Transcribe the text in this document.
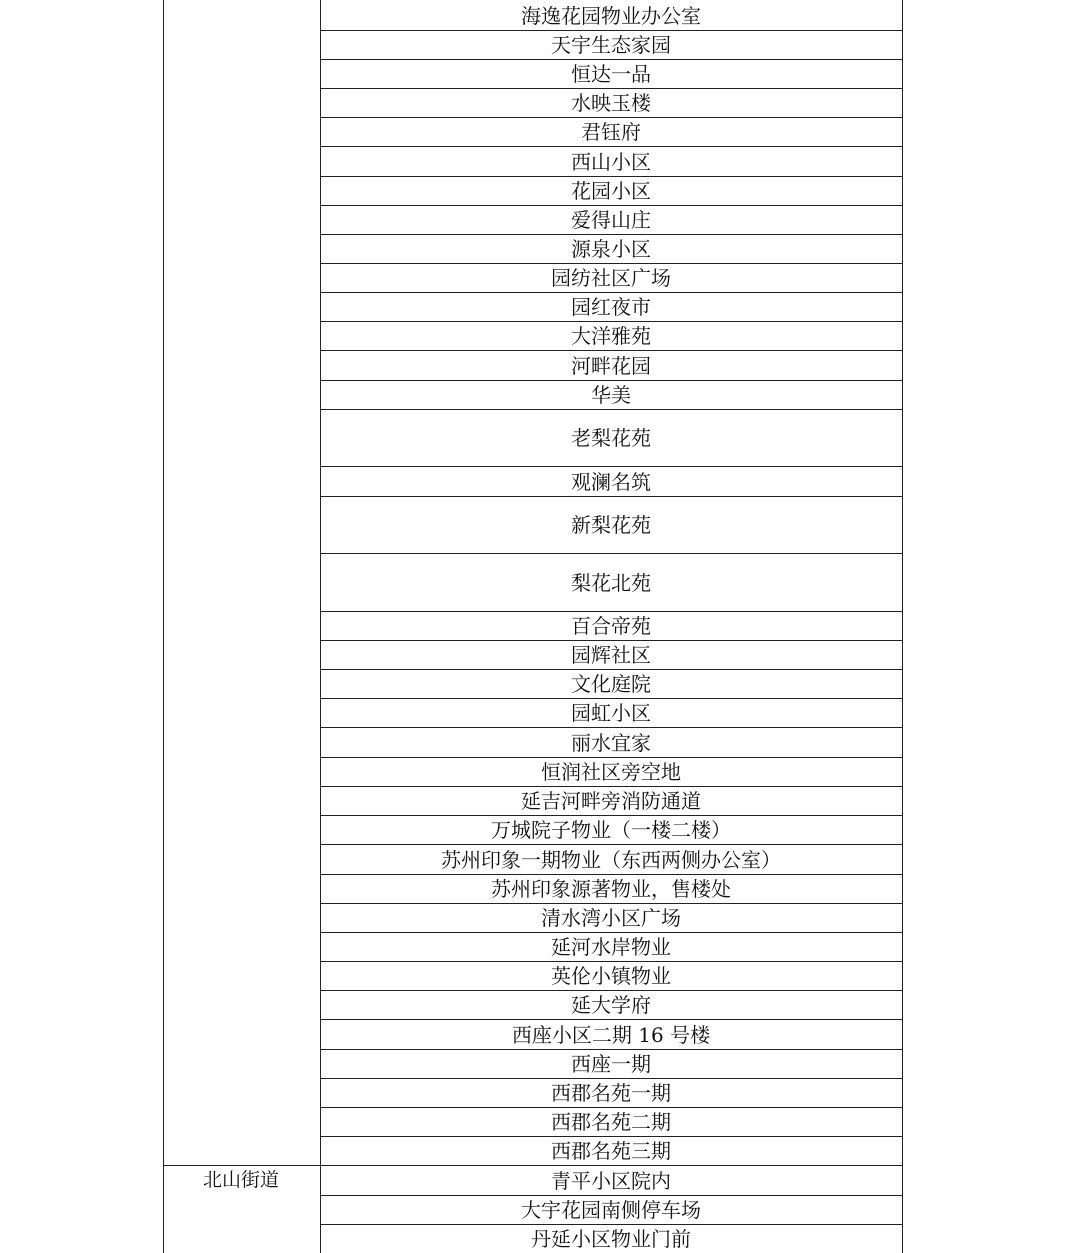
海逸花园物业办公室
天宇生态家园
恒达一品
水映玉楼
君钰府
西山小区
花园小区
爱得山庄
源泉小区
园纺社区广场
园红夜市
大洋雅苑
河畔花园
华美
老梨花苑
观澜名筑
新梨花苑
梨花北苑
百合帝苑
园辉社区
文化庭院
园虹小区
丽水宜家
恒润社区旁空地
延吉河畔旁消防通道
万城院子物业（一楼二楼）
苏州印象一期物业（东西两侧办公室）
苏州印象源著物业，售楼处
清水湾小区广场
延河水岸物业
英伦小镇物业
延大学府
西座小区二期 16 号楼
西座一期
西郡名苑一期
西郡名苑二期
西郡名苑三期
青平小区院内
大宇花园南侧停车场
丹延小区物业门前
北山街道
